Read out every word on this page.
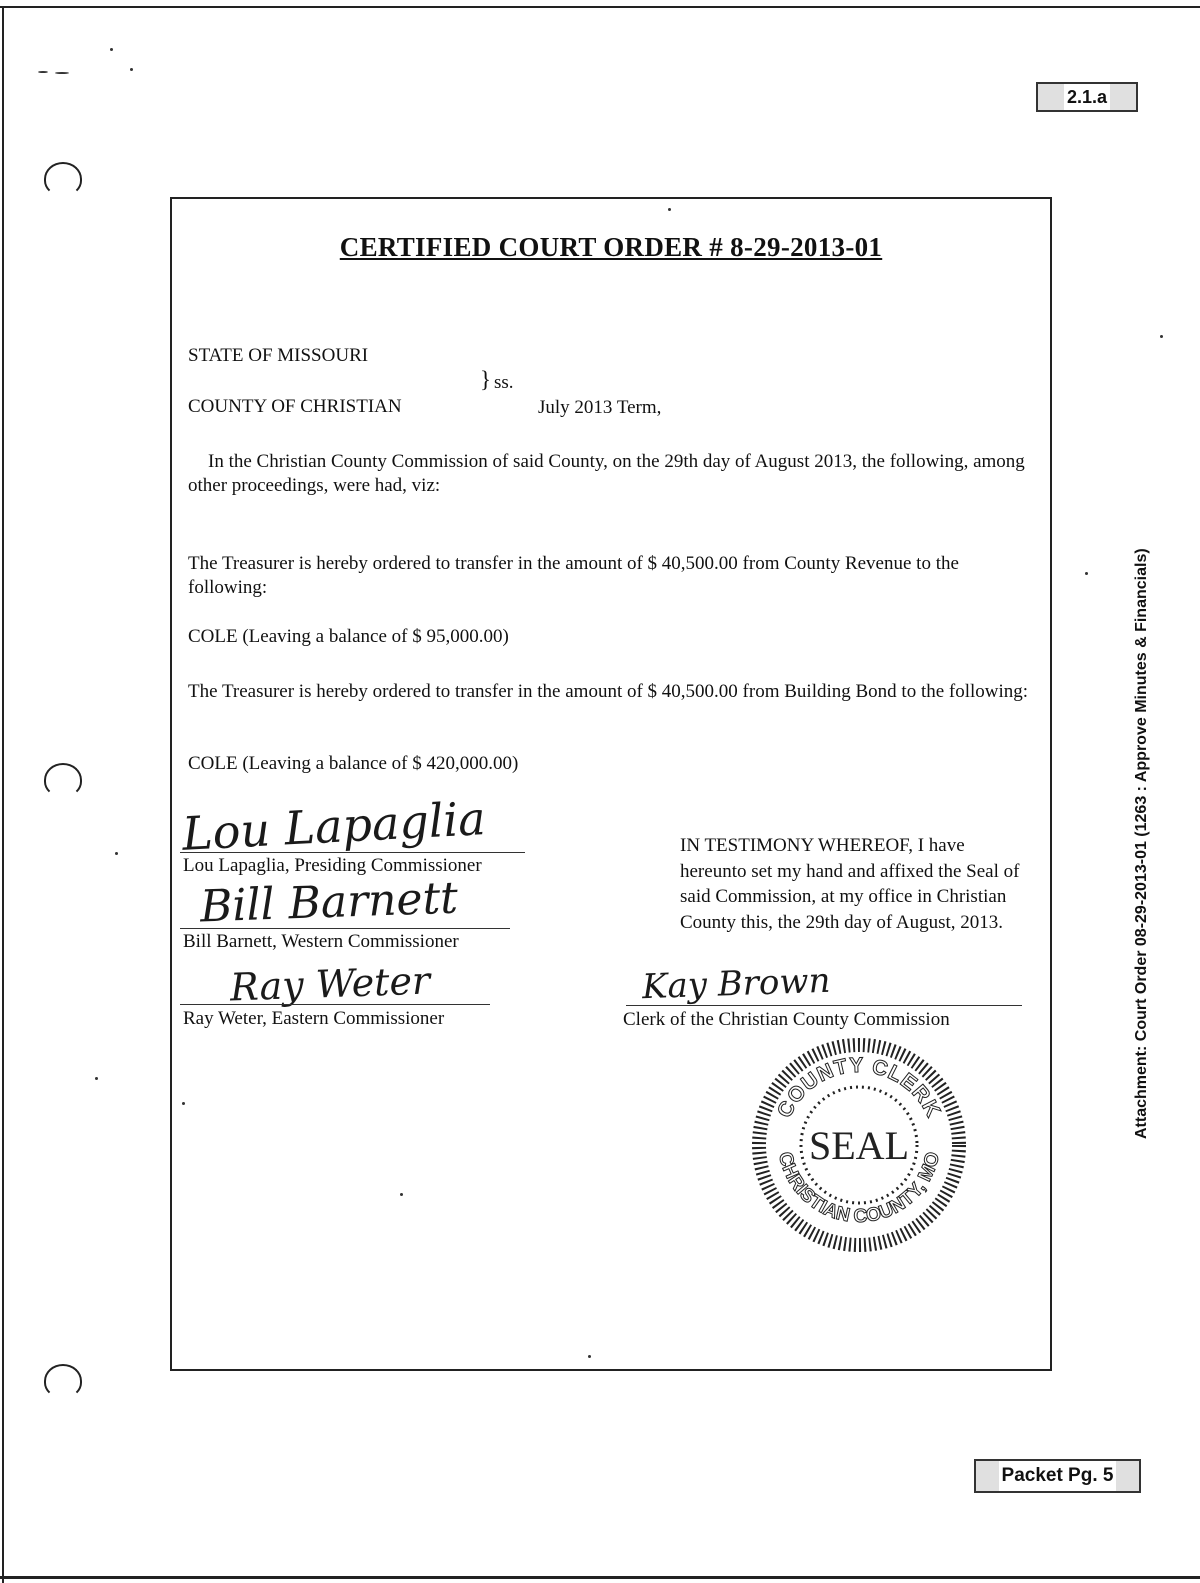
2.1.a
Attachment: Court Order 08-29-2013-01 (1263 : Approve Minutes & Financials)
CERTIFIED COURT ORDER # 8-29-2013-01
STATE OF MISSOURI
} ss.
COUNTY OF CHRISTIAN	July 2013 Term,
In the Christian County Commission of said County, on the 29th day of August 2013, the following, among other proceedings, were had, viz:
The Treasurer is hereby ordered to transfer in the amount of $ 40,500.00 from County Revenue to the following:
COLE (Leaving a balance of $ 95,000.00)
The Treasurer is hereby ordered to transfer in the amount of $ 40,500.00 from Building Bond to the following:
COLE (Leaving a balance of $ 420,000.00)
Lou Lapaglia
Lou Lapaglia, Presiding Commissioner
Bill Barnett
Bill Barnett, Western Commissioner
Ray Weter
Ray Weter, Eastern Commissioner
IN TESTIMONY WHEREOF, I have hereunto set my hand and affixed the Seal of said Commission, at my office in Christian County this, the 29th day of August, 2013.
Kay Brown
Clerk of the Christian County Commission
COUNTY CLERK
CHRISTIAN COUNTY, MO
SEAL
Packet Pg. 5
